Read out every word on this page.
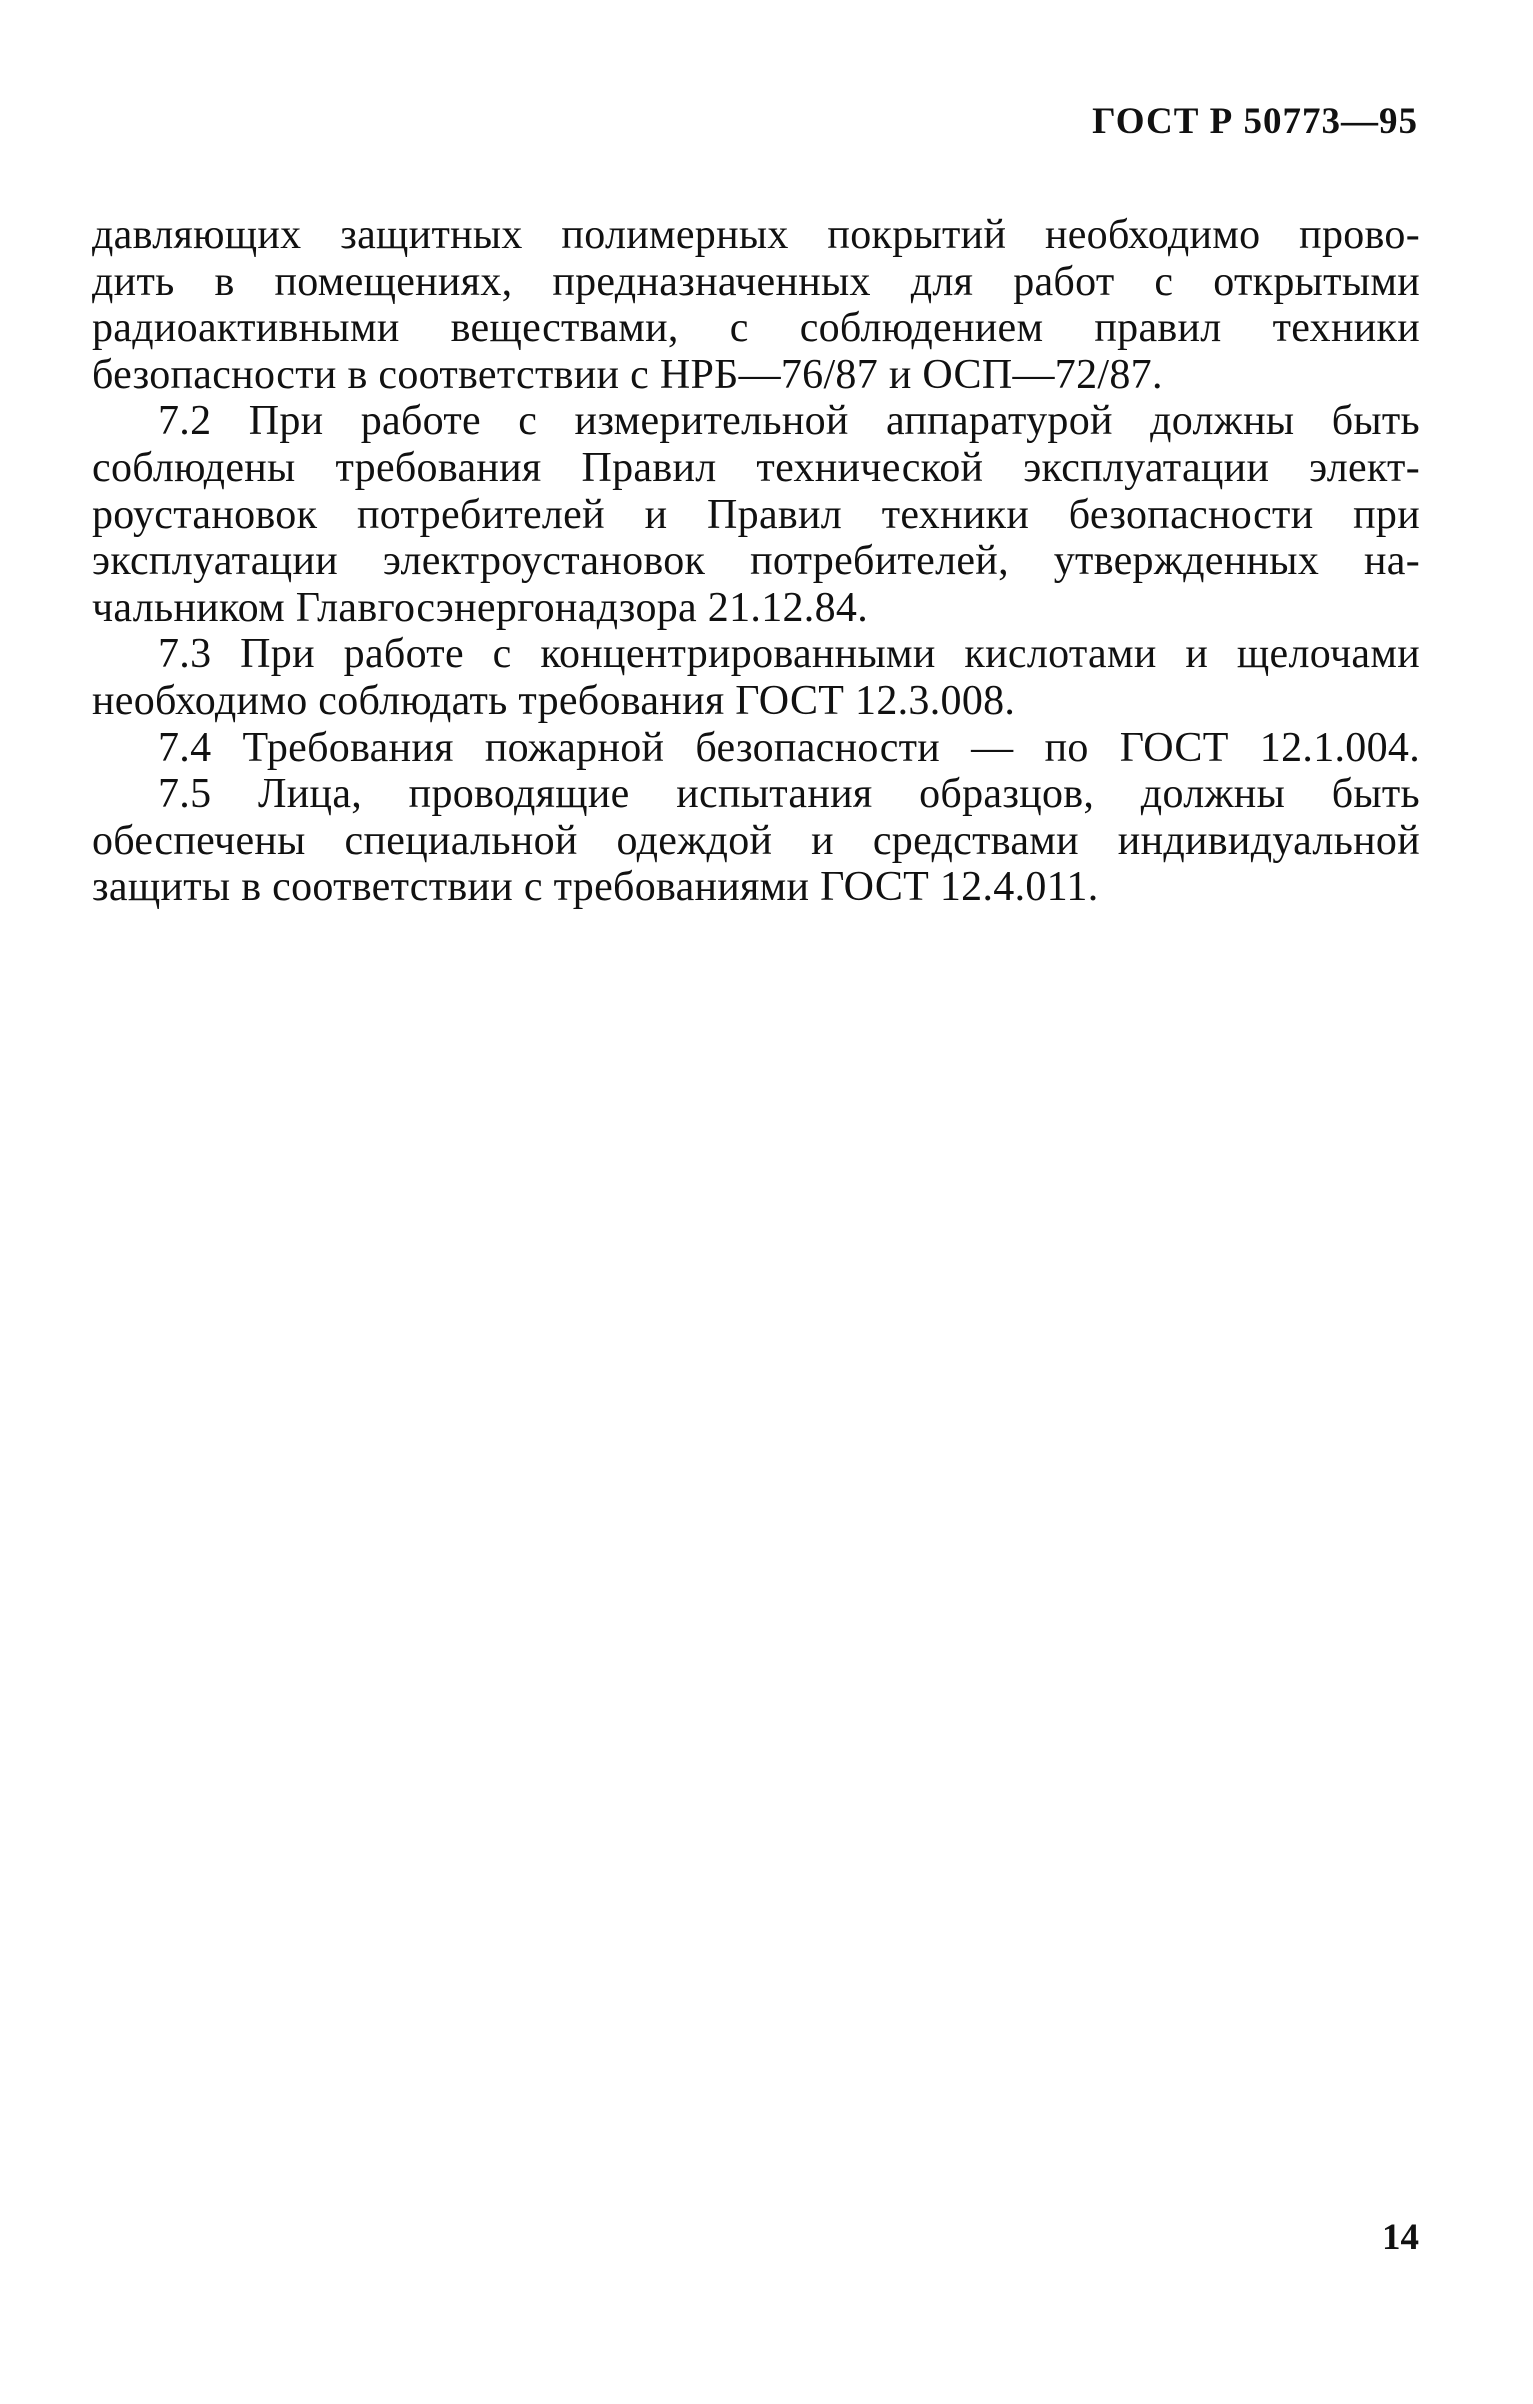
ГОСТ Р 50773—95
давляющих защитных полимерных покрытий необходимо прово-
дить в помещениях, предназначенных для работ с открытыми
радиоактивными веществами, с соблюдением правил техники
безопасности в соответствии с НРБ—76/87 и ОСП—72/87.
7.2 При работе с измерительной аппаратурой должны быть
соблюдены требования Правил технической эксплуатации элект-
роустановок потребителей и Правил техники безопасности при
эксплуатации электроустановок потребителей, утвержденных на-
чальником Главгосэнергонадзора 21.12.84.
7.3 При работе с концентрированными кислотами и щелочами
необходимо соблюдать требования ГОСТ 12.3.008.
7.4 Требования пожарной безопасности — по ГОСТ 12.1.004.
7.5 Лица, проводящие испытания образцов, должны быть
обеспечены специальной одеждой и средствами индивидуальной
защиты в соответствии с требованиями ГОСТ 12.4.011.
14
